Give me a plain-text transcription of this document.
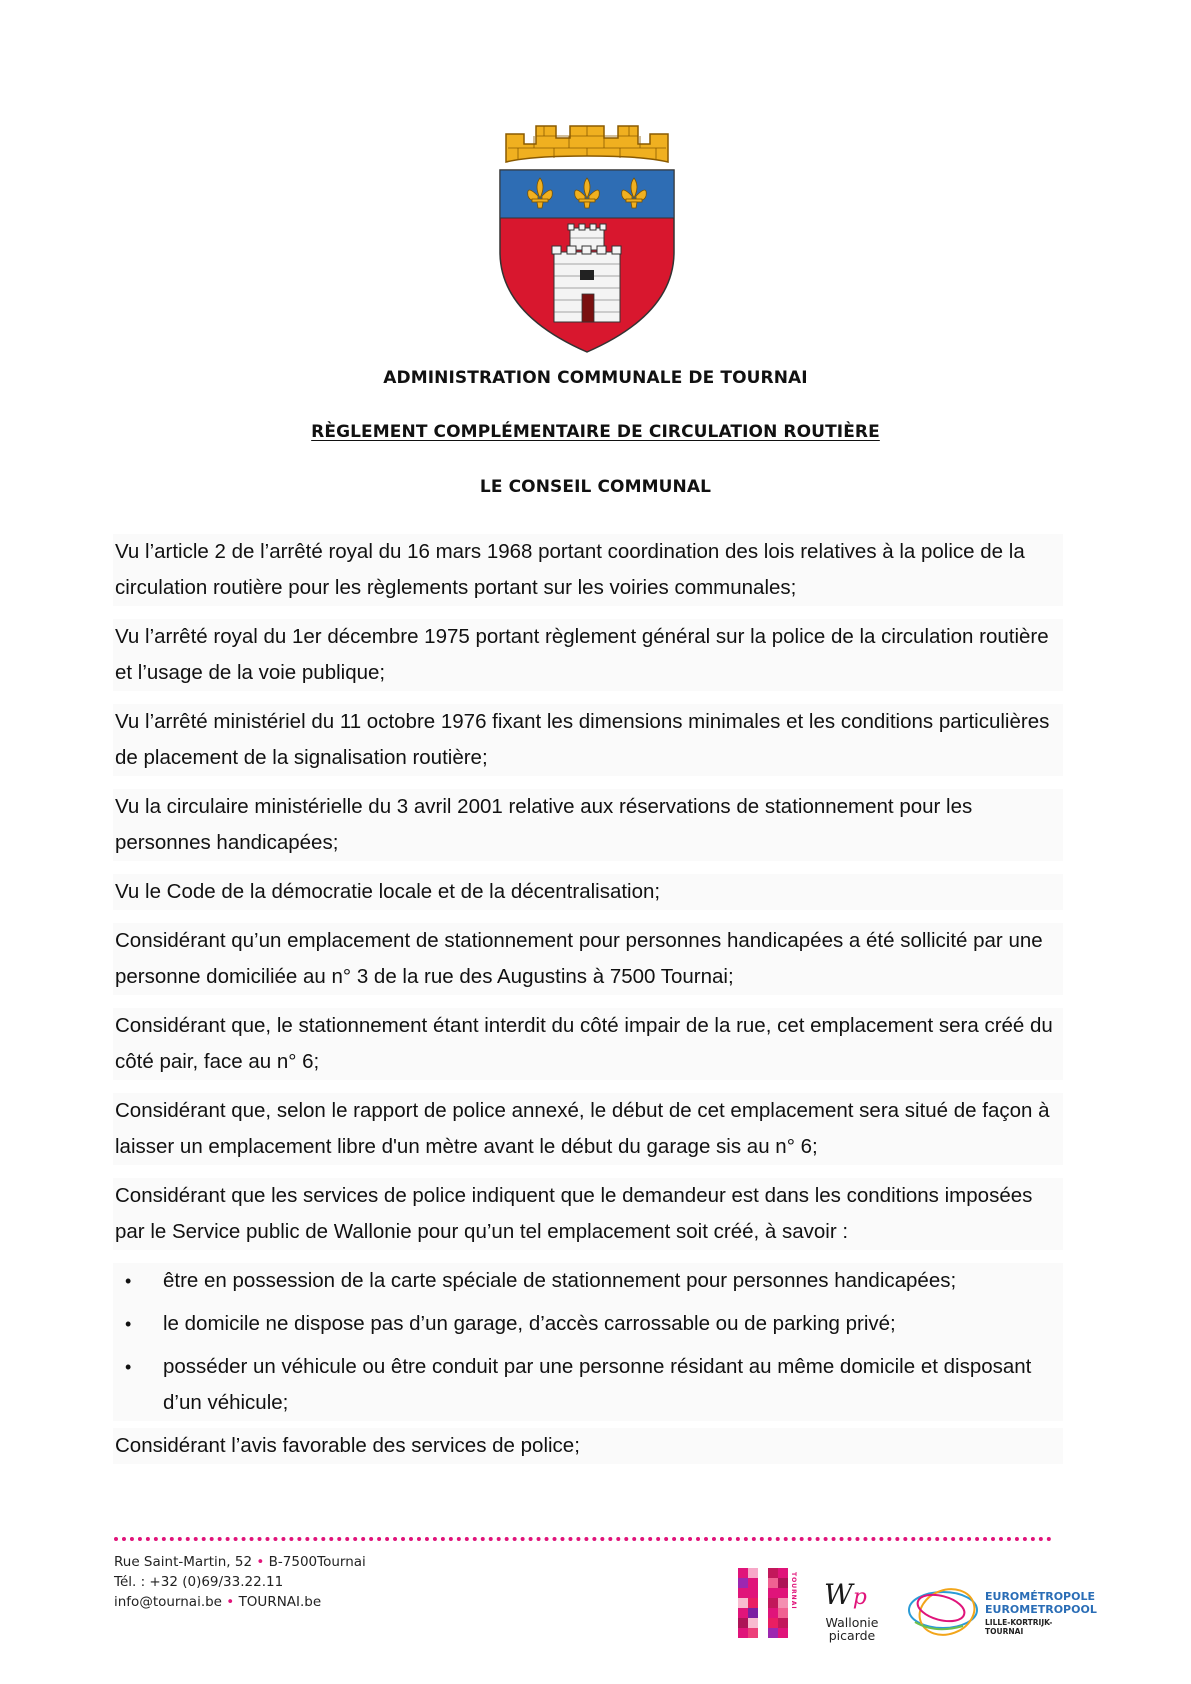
ADMINISTRATION COMMUNALE DE TOURNAI
RÈGLEMENT COMPLÉMENTAIRE DE CIRCULATION ROUTIÈRE
LE CONSEIL COMMUNAL

Vu l’article 2 de l’arrêté royal du 16 mars 1968 portant coordination des lois relatives à la police de la circulation routière pour les règlements portant sur les voiries communales;

Vu l’arrêté royal du 1er décembre 1975 portant règlement général sur la police de la circulation routière et l’usage de la voie publique;

Vu l’arrêté ministériel du 11 octobre 1976 fixant les dimensions minimales et les conditions particulières de placement de la signalisation routière;

Vu la circulaire ministérielle du 3 avril 2001 relative aux réservations de stationnement pour les personnes handicapées;

Vu le Code de la démocratie locale et de la décentralisation;

Considérant qu’un emplacement de stationnement pour personnes handicapées a été sollicité par une personne domiciliée au n° 3 de la rue des Augustins à 7500 Tournai;

Considérant que, le stationnement étant interdit du côté impair de la rue, cet emplacement sera créé du côté pair, face au n° 6;

Considérant que, selon le rapport de police annexé, le début de cet emplacement sera situé de façon à laisser un emplacement libre d'un mètre avant le début du garage sis au n° 6;

Considérant que les services de police indiquent que le demandeur est dans les conditions imposées par le Service public de Wallonie pour qu’un tel emplacement soit créé, à savoir :

• être en possession de la carte spéciale de stationnement pour personnes handicapées;
• le domicile ne dispose pas d’un garage, d’accès carrossable ou de parking privé;
• posséder un véhicule ou être conduit par une personne résidant au même domicile et disposant d’un véhicule;

Considérant l’avis favorable des services de police;

Rue Saint-Martin, 52 • B-7500Tournai
Tél. : +32 (0)69/33.22.11
info@tournai.be • TOURNAI.be	TOURNAI Wp
Wallonie
picarde
EUROMÉTROPOLE
EUROMETROPOOL
LILLE-KORTRIJK-TOURNAI
